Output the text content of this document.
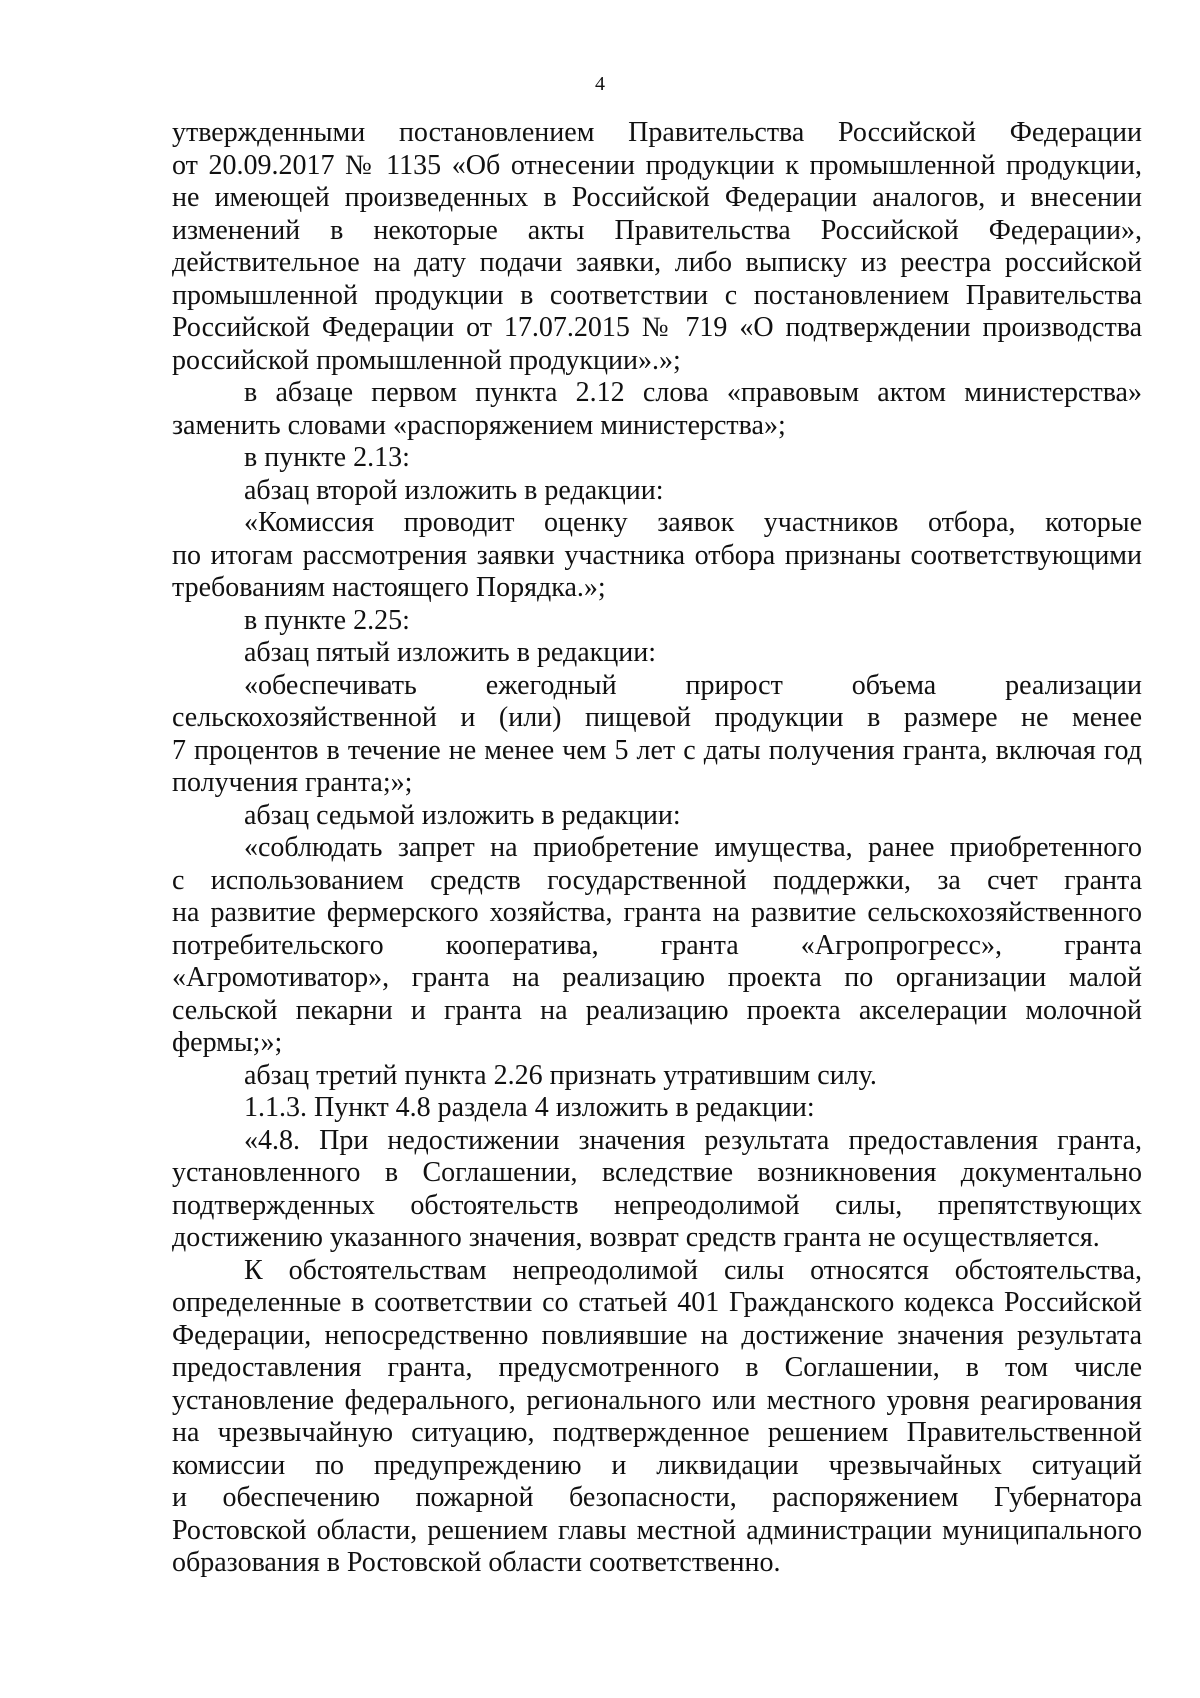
4
утвержденными постановлением Правительства Российской Федерации
от 20.09.2017 № 1135 «Об отнесении продукции к промышленной продукции,
не имеющей произведенных в Российской Федерации аналогов, и внесении
изменений в некоторые акты Правительства Российской Федерации»,
действительное на дату подачи заявки, либо выписку из реестра российской
промышленной продукции в соответствии с постановлением Правительства
Российской Федерации от 17.07.2015 № 719 «О подтверждении производства
российской промышленной продукции».»;
в абзаце первом пункта 2.12 слова «правовым актом министерства»
заменить словами «распоряжением министерства»;
в пункте 2.13:
абзац второй изложить в редакции:
«Комиссия проводит оценку заявок участников отбора, которые
по итогам рассмотрения заявки участника отбора признаны соответствующими
требованиям настоящего Порядка.»;
в пункте 2.25:
абзац пятый изложить в редакции:
«обеспечивать ежегодный прирост объема реализации
сельскохозяйственной и (или) пищевой продукции в размере не менее
7 процентов в течение не менее чем 5 лет с даты получения гранта, включая год
получения гранта;»;
абзац седьмой изложить в редакции:
«соблюдать запрет на приобретение имущества, ранее приобретенного
с использованием средств государственной поддержки, за счет гранта
на развитие фермерского хозяйства, гранта на развитие сельскохозяйственного
потребительского кооператива, гранта «Агропрогресс», гранта
«Агромотиватор», гранта на реализацию проекта по организации малой
сельской пекарни и гранта на реализацию проекта акселерации молочной
фермы;»;
абзац третий пункта 2.26 признать утратившим силу.
1.1.3. Пункт 4.8 раздела 4 изложить в редакции:
«4.8. При недостижении значения результата предоставления гранта,
установленного в Соглашении, вследствие возникновения документально
подтвержденных обстоятельств непреодолимой силы, препятствующих
достижению указанного значения, возврат средств гранта не осуществляется.
К обстоятельствам непреодолимой силы относятся обстоятельства,
определенные в соответствии со статьей 401 Гражданского кодекса Российской
Федерации, непосредственно повлиявшие на достижение значения результата
предоставления гранта, предусмотренного в Соглашении, в том числе
установление федерального, регионального или местного уровня реагирования
на чрезвычайную ситуацию, подтвержденное решением Правительственной
комиссии по предупреждению и ликвидации чрезвычайных ситуаций
и обеспечению пожарной безопасности, распоряжением Губернатора
Ростовской области, решением главы местной администрации муниципального
образования в Ростовской области соответственно.
